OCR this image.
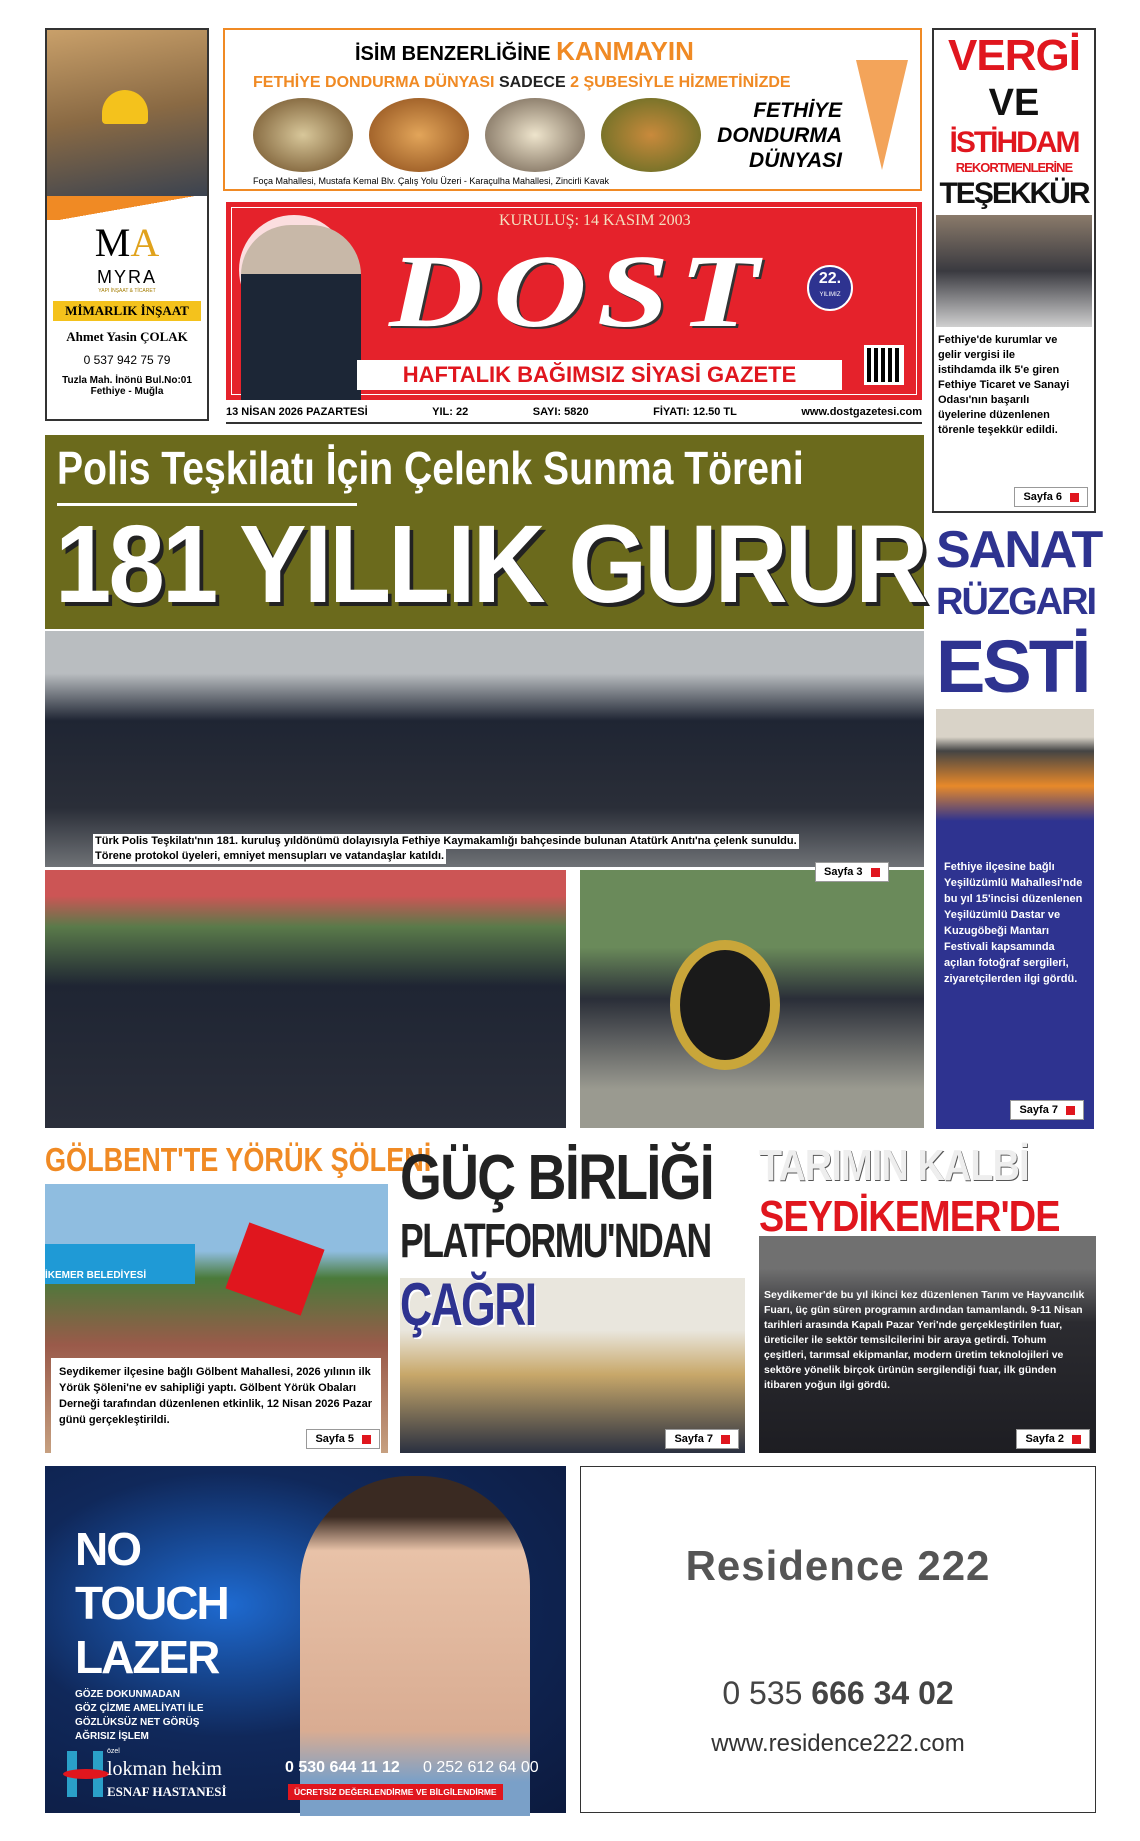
MA
MYRA
YAPI İNŞAAT & TİCARET
MİMARLIK İNŞAAT
Ahmet Yasin ÇOLAK
0 537 942 75 79
Tuzla Mah. İnönü Bul.No:01
Fethiye - Muğla
İSİM BENZERLİĞİNE KANMAYIN
FETHİYE DONDURMA DÜNYASI SADECE 2 ŞUBESİYLE HİZMETİNİZDE
FETHİYE
DONDURMA
DÜNYASI
Foça Mahallesi, Mustafa Kemal Blv. Çalış Yolu Üzeri - Karaçulha Mahallesi, Zincirli Kavak
KURULUŞ: 14 KASIM 2003
DOST	22.
YILIMIZ
HAFTALIK BAĞIMSIZ SİYASİ GAZETE
13 NİSAN 2026 PAZARTESİ	YIL: 22	SAYI: 5820	FİYATI: 12.50 TL	www.dostgazetesi.com
Polis Teşkilatı İçin Çelenk Sunma Töreni
181 YILLIK GURUR
Türk Polis Teşkilatı'nın 181. kuruluş yıldönümü dolayısıyla Fethiye Kaymakamlığı bahçesinde bulunan Atatürk Anıtı'na çelenk sunuldu.
Törene protokol üyeleri, emniyet mensupları ve vatandaşlar katıldı.
Sayfa 3
VERGİ
VE
İSTİHDAM
REKORTMENLERİNE
TEŞEKKÜR
Fethiye'de kurumlar ve gelir vergisi ile istihdamda ilk 5'e giren Fethiye Ticaret ve Sanayi Odası'nın başarılı üyelerine düzenlenen törenle teşekkür edildi.
Sayfa 6
SANAT
RÜZGARI
ESTİ
Fethiye ilçesine bağlı Yeşilüzümlü Mahallesi'nde bu yıl 15'incisi düzenlenen Yeşilüzümlü Dastar ve Kuzugöbeği Mantarı Festivali kapsamında açılan fotoğraf sergileri, ziyaretçilerden ilgi gördü.
Sayfa 7
GÖLBENT'TE YÖRÜK ŞÖLENİ
İKEMER BELEDİYESİ
Seydikemer ilçesine bağlı Gölbent Mahallesi, 2026 yılının ilk Yörük Şöleni'ne ev sahipliği yaptı. Gölbent Yörük Obaları Derneği tarafından düzenlenen etkinlik, 12 Nisan 2026 Pazar günü gerçekleştirildi.
Sayfa 5
GÜÇ BİRLİĞİ
PLATFORMU'NDAN
ÇAĞRI
Sayfa 7
TARIMIN KALBİ
SEYDİKEMER'DE
Seydikemer'de bu yıl ikinci kez düzenlenen Tarım ve Hayvancılık Fuarı, üç gün süren programın ardından tamamlandı. 9-11 Nisan tarihleri arasında Kapalı Pazar Yeri'nde gerçekleştirilen fuar, üreticiler ile sektör temsilcilerini bir araya getirdi. Tohum çeşitleri, tarımsal ekipmanlar, modern üretim teknolojileri ve sektöre yönelik birçok ürünün sergilendiği fuar, ilk günden itibaren yoğun ilgi gördü.
Sayfa 2
NO
TOUCH
LAZER
GÖZE DOKUNMADAN
GÖZ ÇİZME AMELİYATI İLE
GÖZLÜKSÜZ NET GÖRÜŞ
AĞRISIZ İŞLEM
özel
lokman hekim
ESNAF HASTANESİ
0 530 644 11 12 0 252 612 64 00
ÜCRETSİZ DEĞERLENDİRME VE BİLGİLENDİRME
Residence 222
0 535 666 34 02
www.residence222.com
